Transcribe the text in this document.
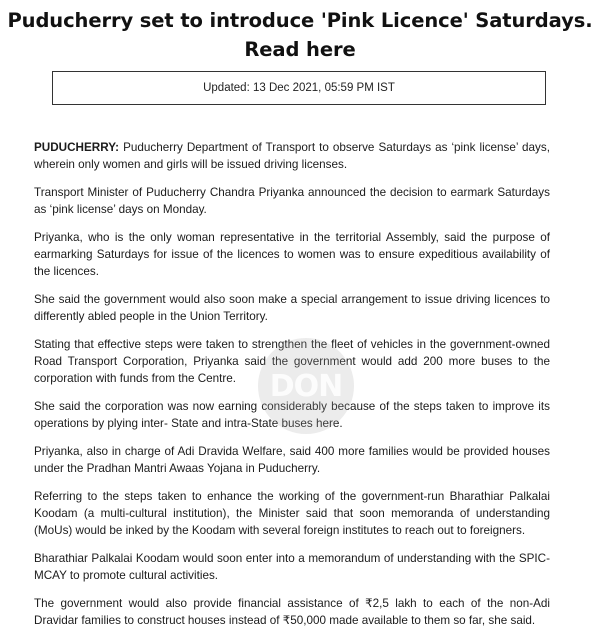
Puducherry set to introduce 'Pink Licence' Saturdays.
Read here
Updated: 13 Dec 2021, 05:59 PM IST

PUDUCHERRY: Puducherry Department of Transport to observe Saturdays as ‘pink license’ days, wherein only women and girls will be issued driving licenses.

Transport Minister of Puducherry Chandra Priyanka announced the decision to earmark Saturdays as ‘pink license’ days on Monday.

Priyanka, who is the only woman representative in the territorial Assembly, said the purpose of earmarking Saturdays for issue of the licences to women was to ensure expeditious availability of the licences.

She said the government would also soon make a special arrangement to issue driving licences to differently abled people in the Union Territory.

Stating that effective steps were taken to strengthen the fleet of vehicles in the government-owned Road Transport Corporation, Priyanka said the government would add 200 more buses to the corporation with funds from the Centre.

She said the corporation was now earning considerably because of the steps taken to improve its operations by plying inter- State and intra-State buses here.

Priyanka, also in charge of Adi Dravida Welfare, said 400 more families would be provided houses under the Pradhan Mantri Awaas Yojana in Puducherry.

Referring to the steps taken to enhance the working of the government-run Bharathiar Palkalai Koodam (a multi-cultural institution), the Minister said that soon memoranda of understanding (MoUs) would be inked by the Koodam with several foreign institutes to reach out to foreigners.

Bharathiar Palkalai Koodam would soon enter into a memorandum of understanding with the SPIC-MCAY to promote cultural activities.

The government would also provide financial assistance of ₹2,5 lakh to each of the non-Adi Dravidar families to construct houses instead of ₹50,000 made available to them so far, she said.

DON
